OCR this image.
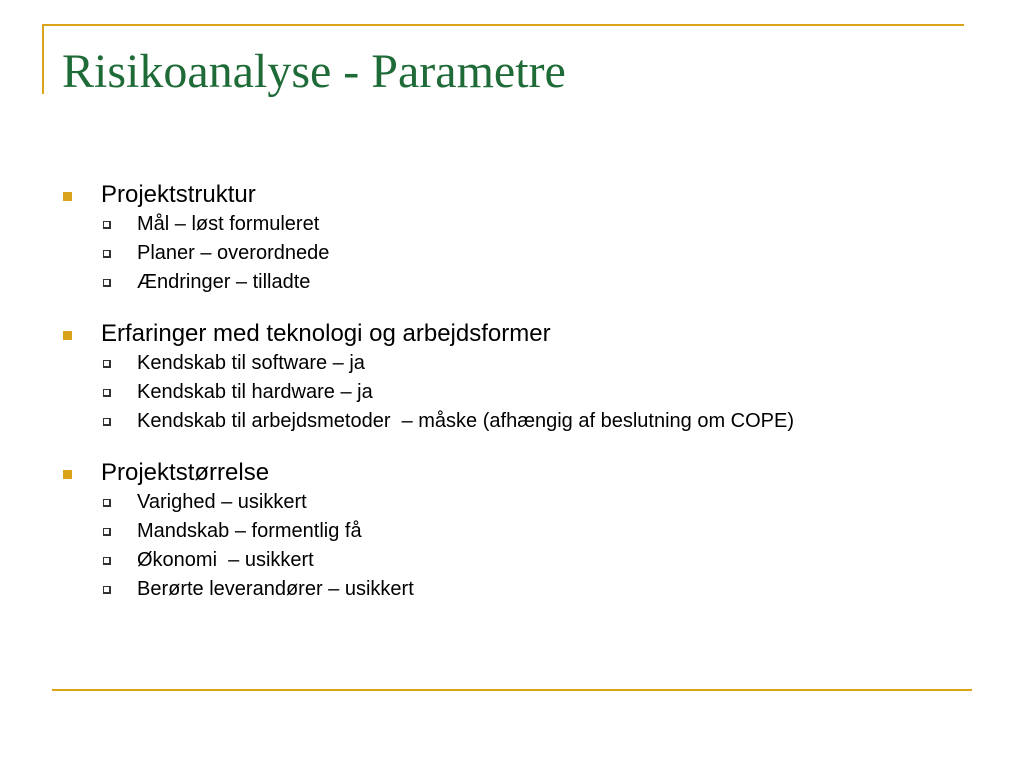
Risikoanalyse - Parametre
Projektstruktur
Mål – løst formuleret
Planer – overordnede
Ændringer – tilladte
Erfaringer med teknologi og arbejdsformer
Kendskab til software – ja
Kendskab til hardware – ja
Kendskab til arbejdsmetoder  – måske (afhængig af beslutning om COPE)
Projektstørrelse
Varighed – usikkert
Mandskab – formentlig få
Økonomi  – usikkert
Berørte leverandører – usikkert
